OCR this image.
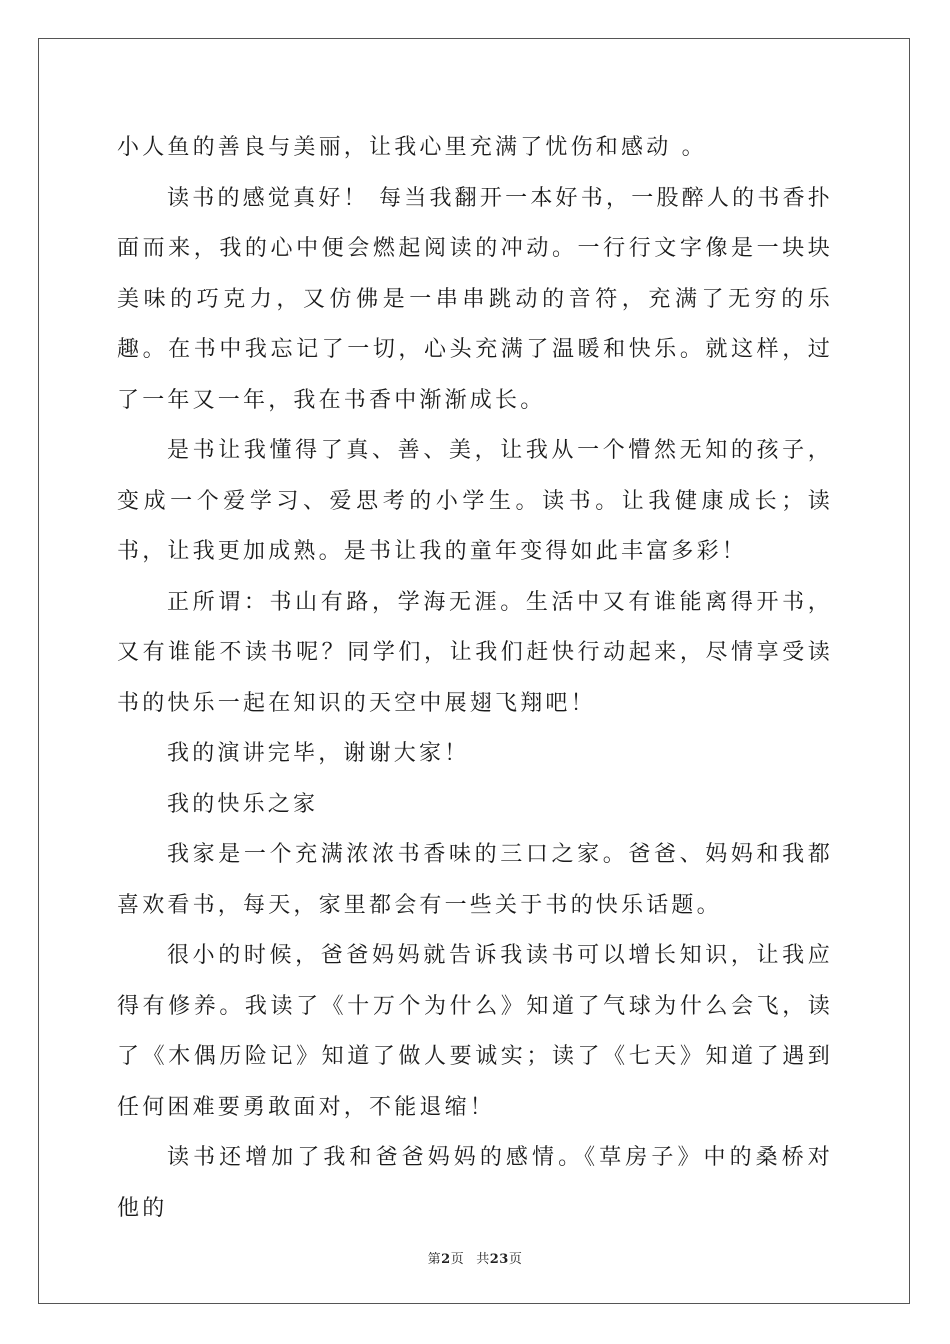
小人鱼的善良与美丽，让我心里充满了忧伤和感动 。

读书的感觉真好！ 每当我翻开一本好书，一股醉人的书香扑面而来，我的心中便会燃起阅读的冲动。一行行文字像是一块块美味的巧克力，又仿佛是一串串跳动的音符，充满了无穷的乐趣。在书中我忘记了一切，心头充满了温暖和快乐。就这样，过了一年又一年，我在书香中渐渐成长。

是书让我懂得了真、善、美，让我从一个懵然无知的孩子，变成一个爱学习、爱思考的小学生。读书。让我健康成长；读书，让我更加成熟。是书让我的童年变得如此丰富多彩！

正所谓：书山有路，学海无涯。生活中又有谁能离得开书，又有谁能不读书呢？同学们，让我们赶快行动起来，尽情享受读书的快乐一起在知识的天空中展翅飞翔吧！

我的演讲完毕，谢谢大家！

我的快乐之家

我家是一个充满浓浓书香味的三口之家。爸爸、妈妈和我都喜欢看书，每天，家里都会有一些关于书的快乐话题。

很小的时候，爸爸妈妈就告诉我读书可以增长知识，让我应得有修养。我读了《十万个为什么》知道了气球为什么会飞，读了《木偶历险记》知道了做人要诚实；读了《七天》知道了遇到任何困难要勇敢面对，不能退缩！

读书还增加了我和爸爸妈妈的感情。《草房子》中的桑桥对他的

第2页 共23页
